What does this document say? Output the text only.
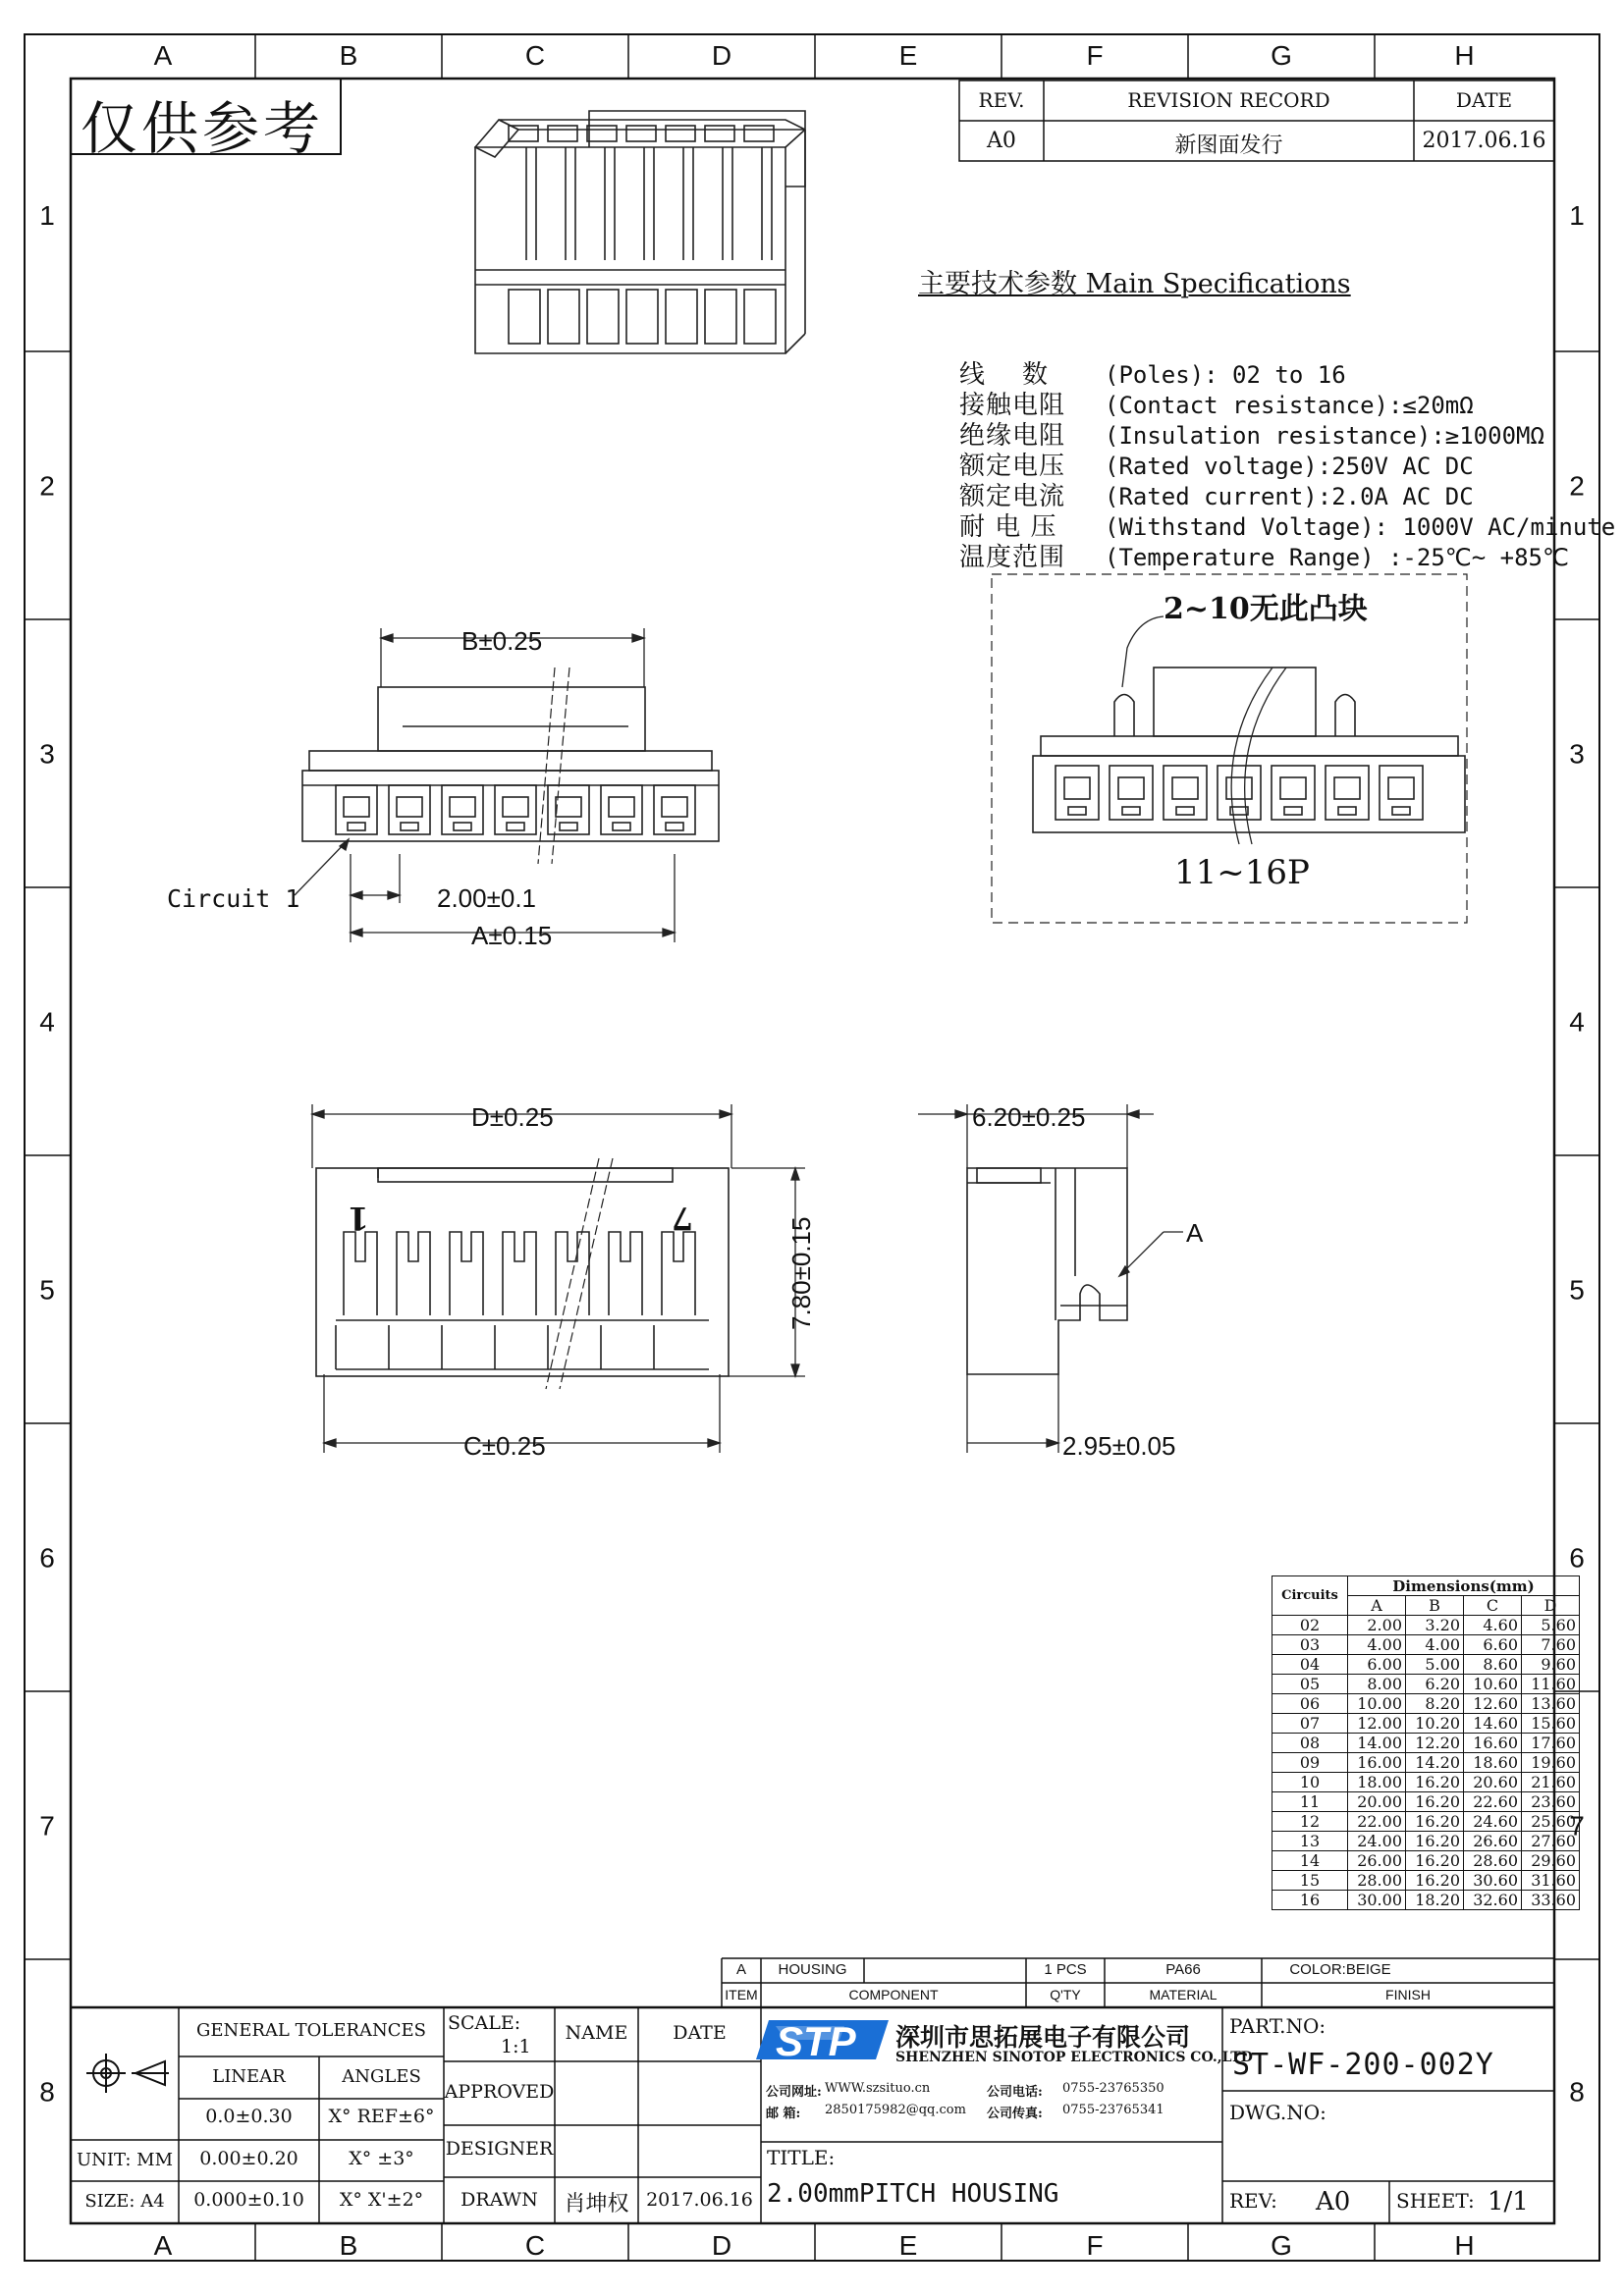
A
A
B
B
C
C
D
D
E
E
F
F
G
G
H
H
1	1
2	2
3	3
4	4
5	5
6	6
7	7
8	8
B±0.25
2.00±0.1
A±0.15
Circuit 1
D±0.25
C±0.25
7.80±0.15
6.20±0.25
A
2.95±0.05
1	7
2~10无此凸块
11~16P
STP
仅供参考	REV.	REVISION RECORD	DATE
A0	新图面发行	2017.06.16

主要技术参数 Main Specifications

线    数	(Poles): 02 to 16
接触电阻	(Contact resistance):≤20mΩ
绝缘电阻	(Insulation resistance):≥1000MΩ
额定电压	(Rated voltage):250V AC DC
额定电流	(Rated current):2.0A AC DC
耐 电 压	(Withstand Voltage): 1000V AC/minute
温度范围	(Temperature Range) :-25℃~ +85℃

Circuits	Dimensions(mm)			
	A	B	C	D
02	2.00	3.20	4.60	5.60
03	4.00	4.00	6.60	7.60
04	6.00	5.00	8.60	9.60
05	8.00	6.20	10.60	11.60
06	10.00	8.20	12.60	13.60
07	12.00	10.20	14.60	15.60
08	14.00	12.20	16.60	17.60
09	16.00	14.20	18.60	19.60
10	18.00	16.20	20.60	21.60
11	20.00	16.20	22.60	23.60
12	22.00	16.20	24.60	25.60
13	24.00	16.20	26.60	27.60
14	26.00	16.20	28.60	29.60
15	28.00	16.20	30.60	31.60
16	30.00	18.20	32.60	33.60
A	HOUSING	1 PCS	PA66	COLOR:BEIGE
ITEM	COMPONENT	Q'TY	MATERIAL	FINISH
GENERAL TOLERANCES
LINEAR	ANGLES
0.0±0.30	X° REF±6°
0.00±0.20	X° ±3°
0.000±0.10	X° X'±2°
UNIT: MM
SIZE: A4
SCALE:
1:1
NAME	DATE
APPROVED
DESIGNER
DRAWN	肖坤权 2017.06.16
深圳市思拓展电子有限公司
SHENZHEN SINOTOP ELECTRONICS CO.,LTD
公司网址: WWW.szsituo.cn	公司电话: 0755-23765350
邮 箱: 2850175982@qq.com 公司传真: 0755-23765341
TITLE:
2.00mmPITCH HOUSING
PART.NO:
ST-WF-200-002Y
DWG.NO:
REV: A0 SHEET: 1/1
